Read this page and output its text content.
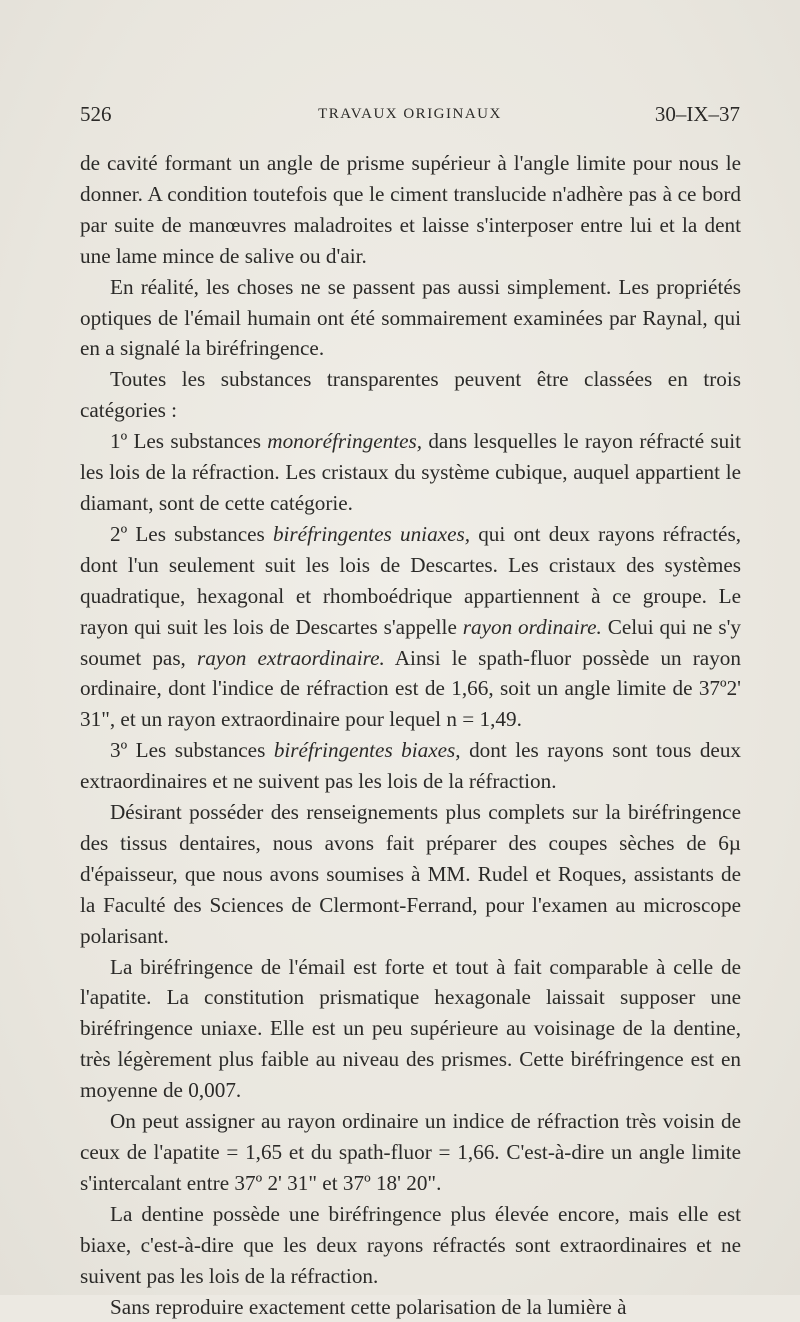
526	TRAVAUX ORIGINAUX	30–IX–37

de cavité formant un angle de prisme supérieur à l'angle limite pour nous le donner. A condition toutefois que le ciment translucide n'adhère pas à ce bord par suite de manœuvres maladroites et laisse s'interposer entre lui et la dent une lame mince de salive ou d'air.

En réalité, les choses ne se passent pas aussi simplement. Les propriétés optiques de l'émail humain ont été sommairement examinées par Raynal, qui en a signalé la biréfringence.

Toutes les substances transparentes peuvent être classées en trois catégories :

1º Les substances monoréfringentes, dans lesquelles le rayon réfracté suit les lois de la réfraction. Les cristaux du système cubique, auquel appartient le diamant, sont de cette catégorie.

2º Les substances biréfringentes uniaxes, qui ont deux rayons réfractés, dont l'un seulement suit les lois de Descartes. Les cristaux des systèmes quadratique, hexagonal et rhomboédrique appartiennent à ce groupe. Le rayon qui suit les lois de Descartes s'appelle rayon ordinaire. Celui qui ne s'y soumet pas, rayon extraordinaire. Ainsi le spath-fluor possède un rayon ordinaire, dont l'indice de réfraction est de 1,66, soit un angle limite de 37º2' 31", et un rayon extraordinaire pour lequel n = 1,49.

3º Les substances biréfringentes biaxes, dont les rayons sont tous deux extraordinaires et ne suivent pas les lois de la réfraction.

Désirant posséder des renseignements plus complets sur la biréfringence des tissus dentaires, nous avons fait préparer des coupes sèches de 6µ d'épaisseur, que nous avons soumises à MM. Rudel et Roques, assistants de la Faculté des Sciences de Clermont-Ferrand, pour l'examen au microscope polarisant.

La biréfringence de l'émail est forte et tout à fait comparable à celle de l'apatite. La constitution prismatique hexagonale laissait supposer une biréfringence uniaxe. Elle est un peu supérieure au voisinage de la dentine, très légèrement plus faible au niveau des prismes. Cette biréfringence est en moyenne de 0,007.

On peut assigner au rayon ordinaire un indice de réfraction très voisin de ceux de l'apatite = 1,65 et du spath-fluor = 1,66. C'est-à-dire un angle limite s'intercalant entre 37º 2' 31" et 37º 18' 20".

La dentine possède une biréfringence plus élevée encore, mais elle est biaxe, c'est-à-dire que les deux rayons réfractés sont extraordinaires et ne suivent pas les lois de la réfraction.

Sans reproduire exactement cette polarisation de la lumière à
